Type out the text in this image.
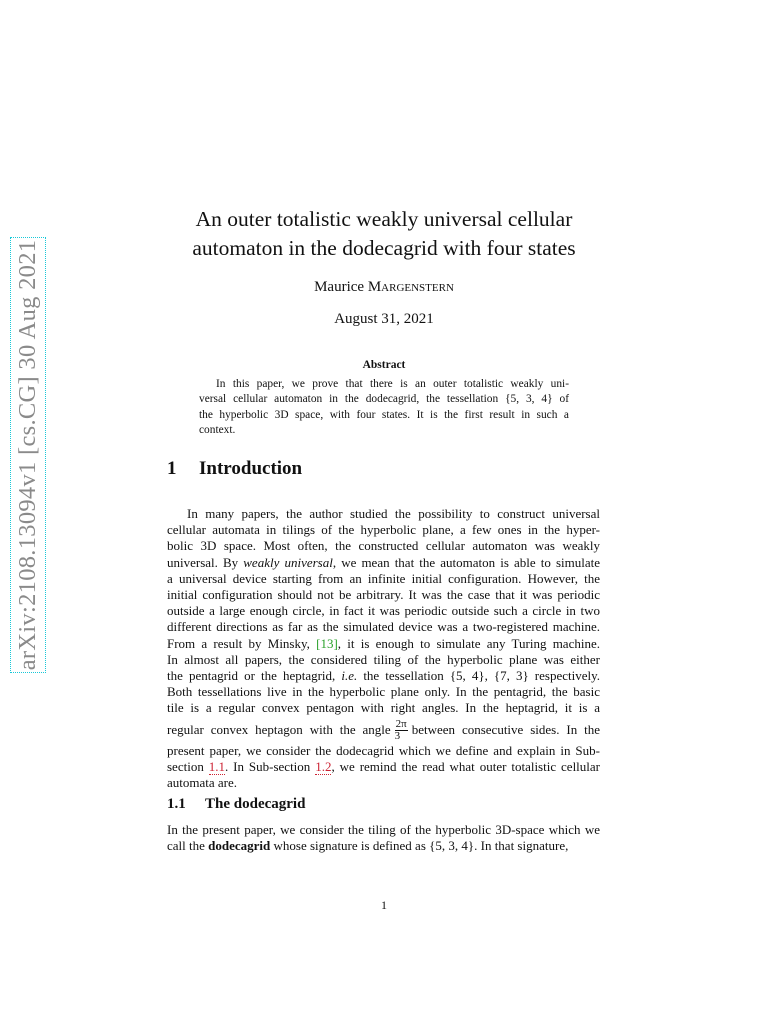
arXiv:2108.13094v1 [cs.CG] 30 Aug 2021
An outer totalistic weakly universal cellular
automaton in the dodecagrid with four states
Maurice Margenstern
August 31, 2021
Abstract
In this paper, we prove that there is an outer totalistic weakly uni-
versal cellular automaton in the dodecagrid, the tessellation {5, 3, 4} of
the hyperbolic 3D space, with four states. It is the first result in such a
context.
1 Introduction
In many papers, the author studied the possibility to construct universal
cellular automata in tilings of the hyperbolic plane, a few ones in the hyper-
bolic 3D space. Most often, the constructed cellular automaton was weakly
universal. By weakly universal, we mean that the automaton is able to simulate
a universal device starting from an infinite initial configuration. However, the
initial configuration should not be arbitrary. It was the case that it was periodic
outside a large enough circle, in fact it was periodic outside such a circle in two
different directions as far as the simulated device was a two-registered machine.
From a result by Minsky, [13], it is enough to simulate any Turing machine.
In almost all papers, the considered tiling of the hyperbolic plane was either
the pentagrid or the heptagrid, i.e. the tessellation {5, 4}, {7, 3} respectively.
Both tessellations live in the hyperbolic plane only. In the pentagrid, the basic
tile is a regular convex pentagon with right angles. In the heptagrid, it is a
regular convex heptagon with the angle $\frac{2\pi}{3}$ between consecutive sides. In the
present paper, we consider the dodecagrid which we define and explain in Sub-
section 1.1. In Sub-section 1.2, we remind the read what outer totalistic cellular
automata are.
1.1 The dodecagrid
In the present paper, we consider the tiling of the hyperbolic 3D-space which we
call the dodecagrid whose signature is defined as {5, 3, 4}. In that signature,
1
